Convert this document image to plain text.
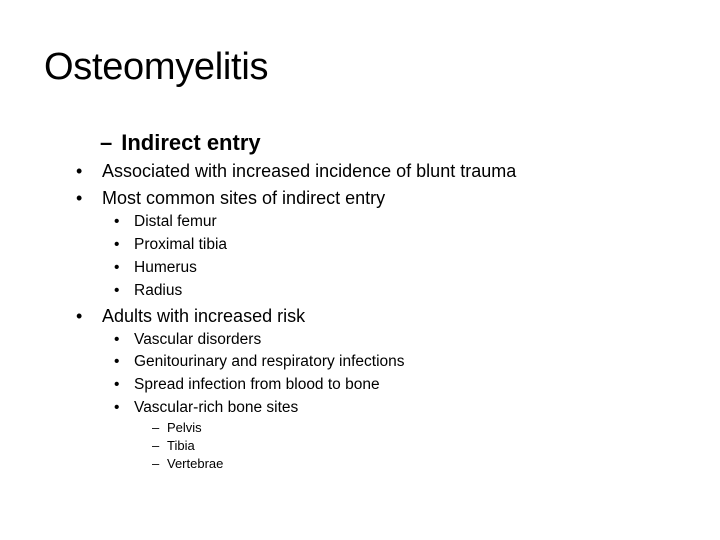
Osteomyelitis
– Indirect entry
• Associated with increased incidence of blunt trauma
• Most common sites of indirect entry
• Distal femur
• Proximal tibia
• Humerus
• Radius
• Adults with increased risk
• Vascular disorders
• Genitourinary and respiratory infections
• Spread infection from blood to bone
• Vascular-rich bone sites
– Pelvis
– Tibia
– Vertebrae
